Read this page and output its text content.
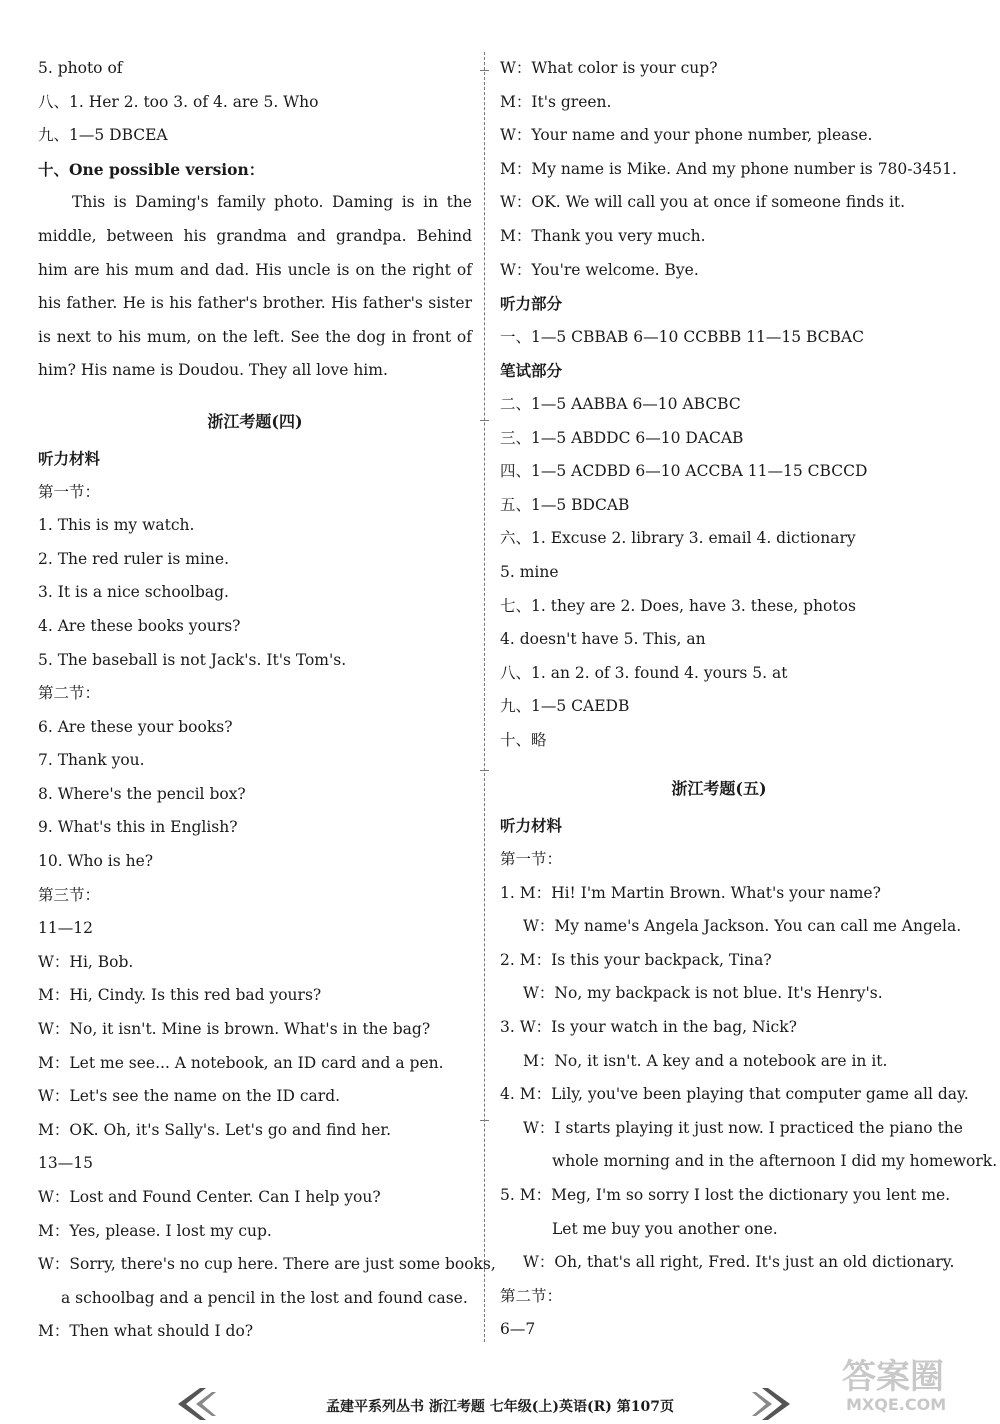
5. photo of
八、1. Her 2. too 3. of 4. are 5. Who
九、1—5 DBCEA
十、One possible version：

This is Daming's family photo. Daming is in the middle, between his grandma and grandpa. Behind him are his mum and dad. His uncle is on the right of his father. He is his father's brother. His father's sister is next to his mum, on the left. See the dog in front of him? His name is Doudou. They all love him.

浙江考题(四)
听力材料
第一节：
1. This is my watch.
2. The red ruler is mine.
3. It is a nice schoolbag.
4. Are these books yours?
5. The baseball is not Jack's. It's Tom's.
第二节：
6. Are these your books?
7. Thank you.
8. Where's the pencil box?
9. What's this in English?
10. Who is he?
第三节：
11—12
W：Hi, Bob.
M：Hi, Cindy. Is this red bad yours?
W：No, it isn't. Mine is brown. What's in the bag?
M：Let me see... A notebook, an ID card and a pen.
W：Let's see the name on the ID card.
M：OK. Oh, it's Sally's. Let's go and find her.
13—15
W：Lost and Found Center. Can I help you?
M：Yes, please. I lost my cup.
W：Sorry, there's no cup here. There are just some books,
a schoolbag and a pencil in the lost and found case.
M：Then what should I do?
W：What color is your cup?
M：It's green.
W：Your name and your phone number, please.
M：My name is Mike. And my phone number is 780-3451.
W：OK. We will call you at once if someone finds it.
M：Thank you very much.
W：You're welcome. Bye.
听力部分
一、1—5 CBBAB 6—10 CCBBB 11—15 BCBAC
笔试部分
二、1—5 AABBA 6—10 ABCBC
三、1—5 ABDDC 6—10 DACAB
四、1—5 ACDBD 6—10 ACCBA 11—15 CBCCD
五、1—5 BDCAB
六、1. Excuse 2. library 3. email 4. dictionary
5. mine
七、1. they are 2. Does, have 3. these, photos
4. doesn't have 5. This, an
八、1. an 2. of 3. found 4. yours 5. at
九、1—5 CAEDB
十、略
浙江考题(五)
听力材料
第一节：
1. M：Hi! I'm Martin Brown. What's your name?
W：My name's Angela Jackson. You can call me Angela.
2. M：Is this your backpack, Tina?
W：No, my backpack is not blue. It's Henry's.
3. W：Is your watch in the bag, Nick?
M：No, it isn't. A key and a notebook are in it.
4. M：Lily, you've been playing that computer game all day.
W：I starts playing it just now. I practiced the piano the
whole morning and in the afternoon I did my homework.
5. M：Meg, I'm so sorry I lost the dictionary you lent me.
Let me buy you another one.
W：Oh, that's all right, Fred. It's just an old dictionary.
第二节：
6—7
孟建平系列丛书 浙江考题 七年级(上)英语(R) 第107页
答案圈
MXQE.COM
